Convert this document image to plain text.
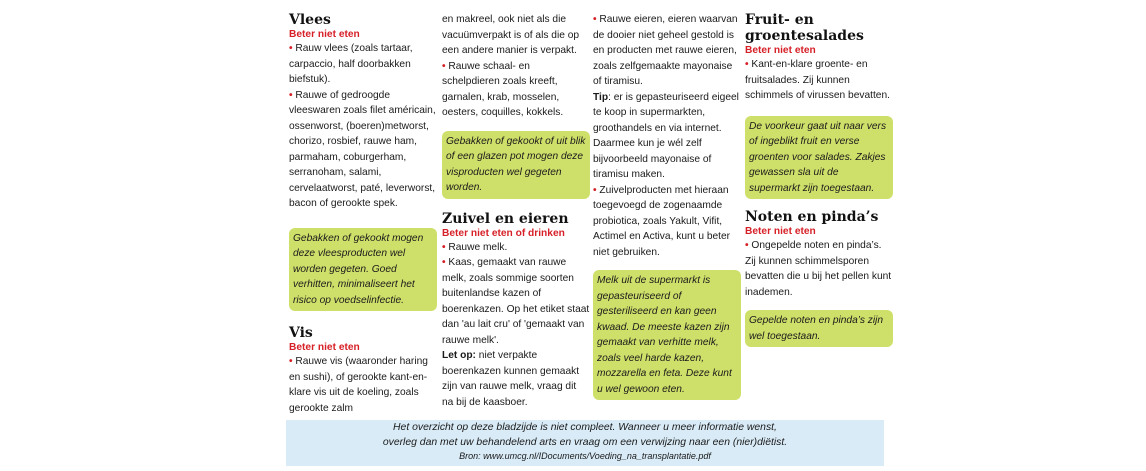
Vlees
Beter niet eten

• Rauw vlees (zoals tartaar, carpaccio, half doorbakken biefstuk).

• Rauwe of gedroogde vleeswaren zoals filet américain, ossenworst, (boeren)metworst, chorizo, rosbief, rauwe ham, parmaham, coburgerham, serranoham, salami, cervelaatworst, paté, leverworst, bacon of gerookte spek.

Gebakken of gekookt mogen deze vleesproducten wel worden gegeten. Goed verhitten, minimaliseert het risico op voedselinfectie.
Vis
Beter niet eten

• Rauwe vis (waaronder haring en sushi), of gerookte kant-en-klare vis uit de koeling, zoals gerookte zalm

en makreel, ook niet als die vacuümverpakt is of als die op een andere manier is verpakt.

• Rauwe schaal- en schelpdieren zoals kreeft, garnalen, krab, mosselen, oesters, coquilles, kokkels.

Gebakken of gekookt of uit blik of een glazen pot mogen deze visproducten wel gegeten worden.
Zuivel en eieren
Beter niet eten of drinken

• Rauwe melk.

• Kaas, gemaakt van rauwe melk, zoals sommige soorten buitenlandse kazen of boerenkazen. Op het etiket staat dan 'au lait cru' of 'gemaakt van rauwe melk'.

Let op: niet verpakte boerenkazen kunnen gemaakt zijn van rauwe melk, vraag dit na bij de kaasboer.

• Rauwe eieren, eieren waarvan de dooier niet geheel gestold is en producten met rauwe eieren, zoals zelfgemaakte mayonaise of tiramisu.

Tip: er is gepasteuriseerd eigeel te koop in supermarkten, groothandels en via internet. Daarmee kun je wél zelf bijvoorbeeld mayonaise of tiramisu maken.

• Zuivelproducten met hieraan toegevoegd de zogenaamde probiotica, zoals Yakult, Vifit, Actimel en Activa, kunt u beter niet gebruiken.

Melk uit de supermarkt is gepasteuriseerd of gesteriliseerd en kan geen kwaad. De meeste kazen zijn gemaakt van verhitte melk, zoals veel harde kazen, mozzarella en feta. Deze kunt u wel gewoon eten.
Fruit- en groentesalades
Beter niet eten

• Kant-en-klare groente- en fruitsalades. Zij kunnen schimmels of virussen bevatten.

De voorkeur gaat uit naar vers of ingeblikt fruit en verse groenten voor salades. Zakjes gewassen sla uit de supermarkt zijn toegestaan.
Noten en pinda’s
Beter niet eten

• Ongepelde noten en pinda’s. Zij kunnen schimmelsporen bevatten die u bij het pellen kunt inademen.

Gepelde noten en pinda’s zijn wel toegestaan.
Het overzicht op deze bladzijde is niet compleet. Wanneer u meer informatie wenst,
overleg dan met uw behandelend arts en vraag om een verwijzing naar een (nier)diëtist.
Bron: www.umcg.nl/IDocuments/Voeding_na_transplantatie.pdf
